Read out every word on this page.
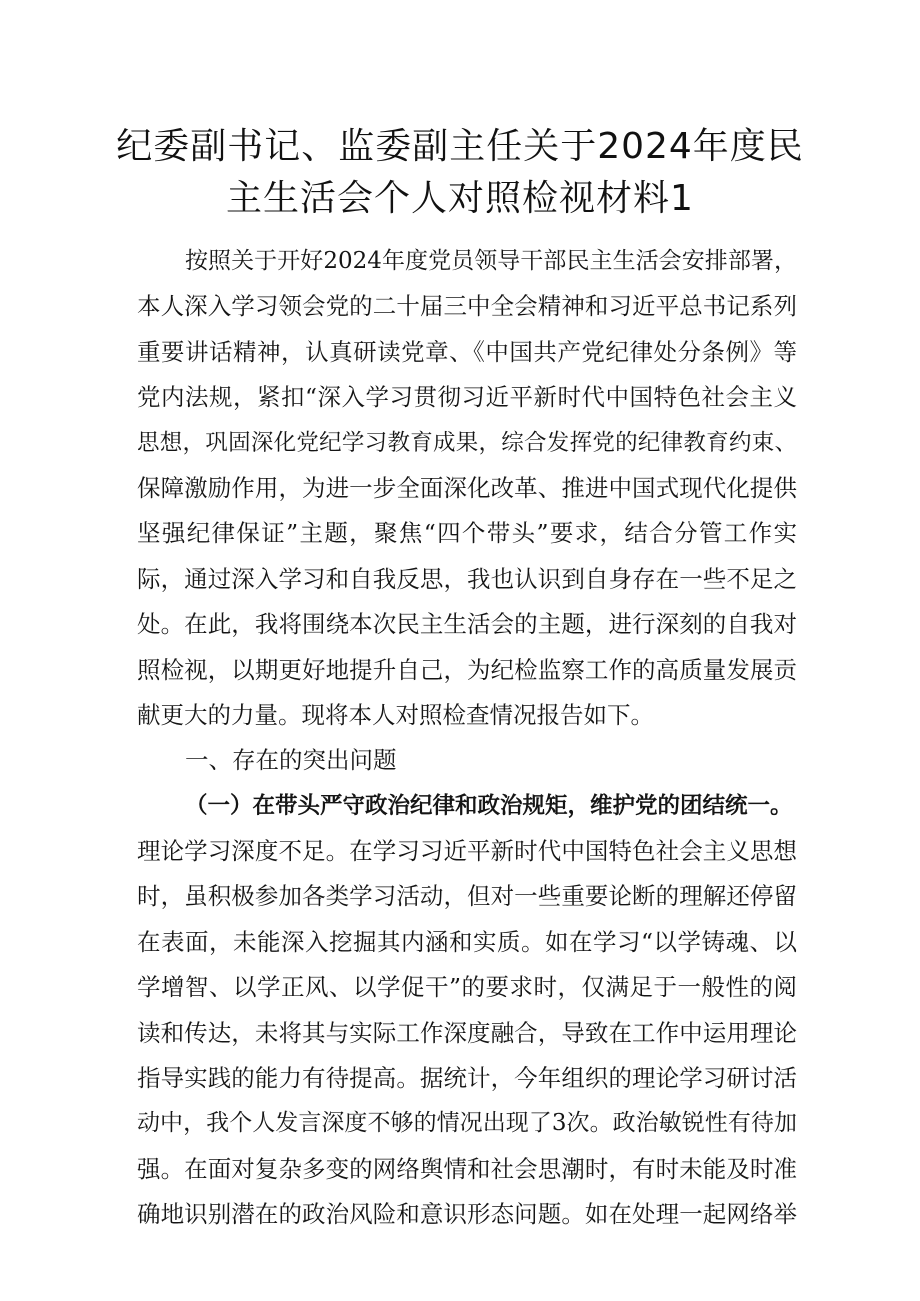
纪委副书记、监委副主任关于2024年度民
主生活会个人对照检视材料1
按照关于开好2024年度党员领导干部民主生活会安排部署，
本人深入学习领会党的二十届三中全会精神和习近平总书记系列
重要讲话精神，认真研读党章、《中国共产党纪律处分条例》等
党内法规，紧扣“深入学习贯彻习近平新时代中国特色社会主义
思想，巩固深化党纪学习教育成果，综合发挥党的纪律教育约束、
保障激励作用，为进一步全面深化改革、推进中国式现代化提供
坚强纪律保证”主题，聚焦“四个带头”要求，结合分管工作实
际，通过深入学习和自我反思，我也认识到自身存在一些不足之
处。在此，我将围绕本次民主生活会的主题，进行深刻的自我对
照检视，以期更好地提升自己，为纪检监察工作的高质量发展贡
献更大的力量。现将本人对照检查情况报告如下。
一、存在的突出问题
（一）在带头严守政治纪律和政治规矩，维护党的团结统一。
理论学习深度不足。在学习习近平新时代中国特色社会主义思想
时，虽积极参加各类学习活动，但对一些重要论断的理解还停留
在表面，未能深入挖掘其内涵和实质。如在学习“以学铸魂、以
学增智、以学正风、以学促干”的要求时，仅满足于一般性的阅
读和传达，未将其与实际工作深度融合，导致在工作中运用理论
指导实践的能力有待提高。据统计，今年组织的理论学习研讨活
动中，我个人发言深度不够的情况出现了3次。政治敏锐性有待加
强。在面对复杂多变的网络舆情和社会思潮时，有时未能及时准
确地识别潜在的政治风险和意识形态问题。如在处理一起网络举
